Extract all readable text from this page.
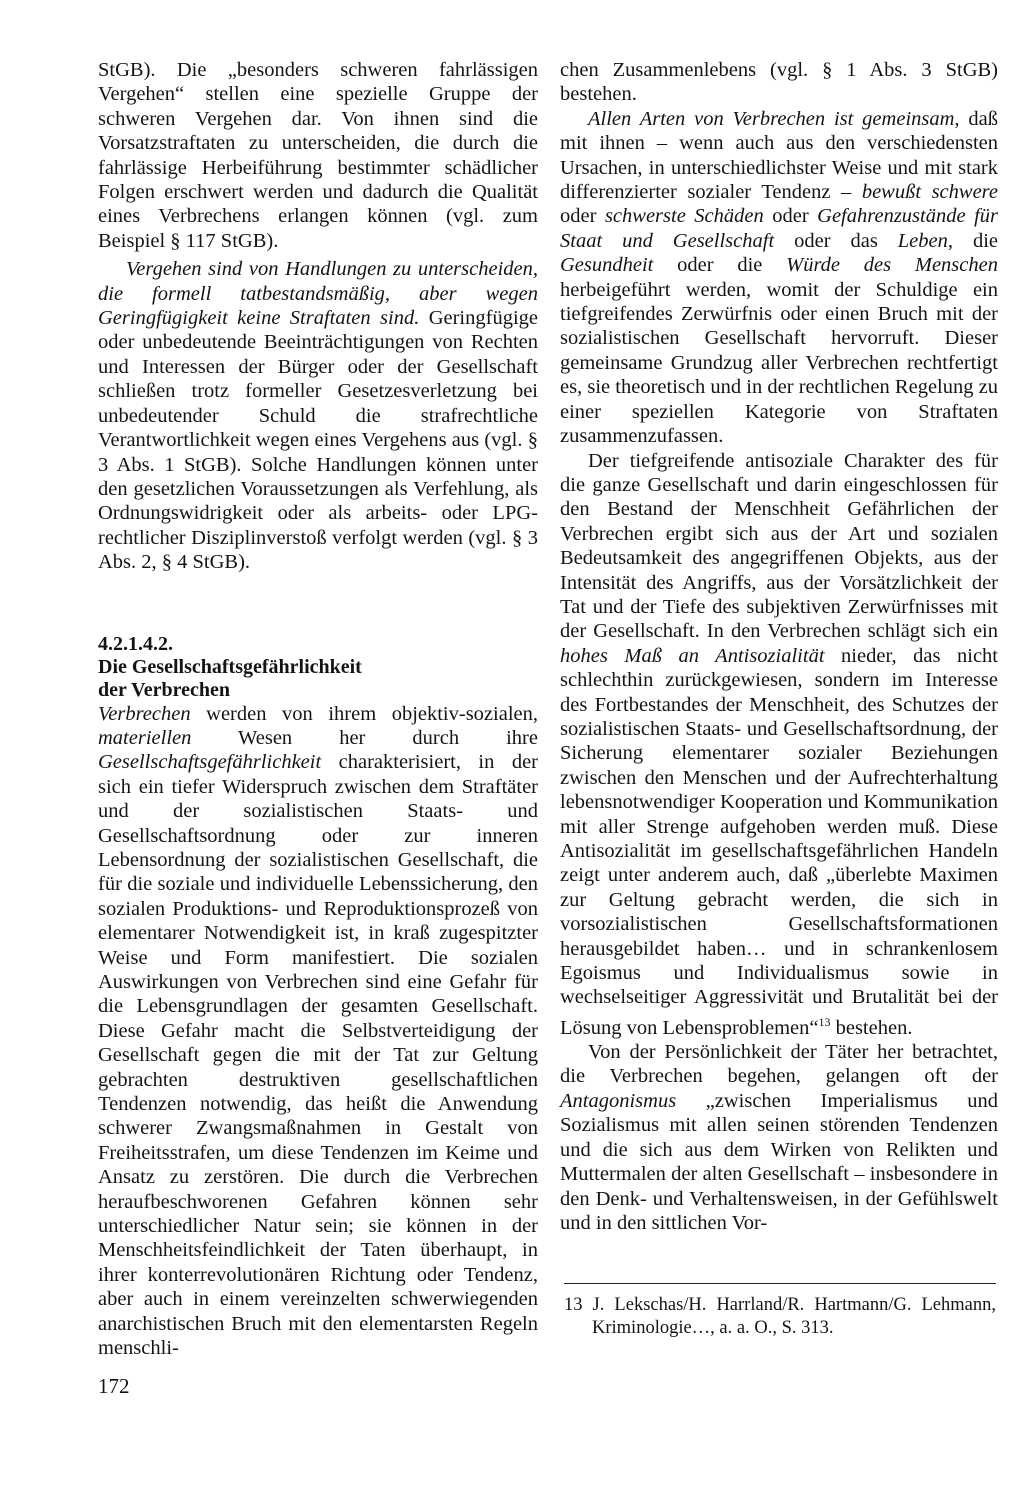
StGB). Die „besonders schweren fahrlässigen Vergehen“ stellen eine spezielle Gruppe der schweren Vergehen dar. Von ihnen sind die Vorsatzstraftaten zu unterscheiden, die durch die fahrlässige Herbeiführung bestimmter schädlicher Folgen erschwert werden und dadurch die Qualität eines Verbrechens erlangen können (vgl. zum Beispiel § 117 StGB).

Vergehen sind von Handlungen zu unterscheiden, die formell tatbestandsmäßig, aber wegen Geringfügigkeit keine Straftaten sind. Geringfügige oder unbedeutende Beeinträchtigungen von Rechten und Interessen der Bürger oder der Gesellschaft schließen trotz formeller Gesetzesverletzung bei unbedeutender Schuld die strafrechtliche Verantwortlichkeit wegen eines Vergehens aus (vgl. § 3 Abs. 1 StGB). Solche Handlungen können unter den gesetzlichen Voraussetzungen als Verfehlung, als Ordnungswidrigkeit oder als arbeits- oder LPG-rechtlicher Disziplinverstoß verfolgt werden (vgl. § 3 Abs. 2, § 4 StGB).

4.2.1.4.2.
Die Gesellschaftsgefährlichkeit
der Verbrechen

Verbrechen werden von ihrem objektiv-sozialen, materiellen Wesen her durch ihre Gesellschaftsgefährlichkeit charakterisiert, in der sich ein tiefer Widerspruch zwischen dem Straftäter und der sozialistischen Staats- und Gesellschaftsordnung oder zur inneren Lebensordnung der sozialistischen Gesellschaft, die für die soziale und individuelle Lebenssicherung, den sozialen Produktions- und Reproduktionsprozeß von elementarer Notwendigkeit ist, in kraß zugespitzter Weise und Form manifestiert. Die sozialen Auswirkungen von Verbrechen sind eine Gefahr für die Lebensgrundlagen der gesamten Gesellschaft. Diese Gefahr macht die Selbstverteidigung der Gesellschaft gegen die mit der Tat zur Geltung gebrachten destruktiven gesellschaftlichen Tendenzen notwendig, das heißt die Anwendung schwerer Zwangsmaßnahmen in Gestalt von Freiheitsstrafen, um diese Tendenzen im Keime und Ansatz zu zerstören. Die durch die Verbrechen heraufbeschworenen Gefahren können sehr unterschiedlicher Natur sein; sie können in der Menschheitsfeindlichkeit der Taten überhaupt, in ihrer konterrevolutionären Richtung oder Tendenz, aber auch in einem vereinzelten schwerwiegenden anarchistischen Bruch mit den elementarsten Regeln menschli-

chen Zusammenlebens (vgl. § 1 Abs. 3 StGB) bestehen.

Allen Arten von Verbrechen ist gemeinsam, daß mit ihnen – wenn auch aus den verschiedensten Ursachen, in unterschiedlichster Weise und mit stark differenzierter sozialer Tendenz – bewußt schwere oder schwerste Schäden oder Gefahrenzustände für Staat und Gesellschaft oder das Leben, die Gesundheit oder die Würde des Menschen herbeigeführt werden, womit der Schuldige ein tiefgreifendes Zerwürfnis oder einen Bruch mit der sozialistischen Gesellschaft hervorruft. Dieser gemeinsame Grundzug aller Verbrechen rechtfertigt es, sie theoretisch und in der rechtlichen Regelung zu einer speziellen Kategorie von Straftaten zusammenzufassen.

Der tiefgreifende antisoziale Charakter des für die ganze Gesellschaft und darin eingeschlossen für den Bestand der Menschheit Gefährlichen der Verbrechen ergibt sich aus der Art und sozialen Bedeutsamkeit des angegriffenen Objekts, aus der Intensität des Angriffs, aus der Vorsätzlichkeit der Tat und der Tiefe des subjektiven Zerwürfnisses mit der Gesellschaft. In den Verbrechen schlägt sich ein hohes Maß an Antisozialität nieder, das nicht schlechthin zurückgewiesen, sondern im Interesse des Fortbestandes der Menschheit, des Schutzes der sozialistischen Staats- und Gesellschaftsordnung, der Sicherung elementarer sozialer Beziehungen zwischen den Menschen und der Aufrechterhaltung lebensnotwendiger Kooperation und Kommunikation mit aller Strenge aufgehoben werden muß. Diese Antisozialität im gesellschaftsgefährlichen Handeln zeigt unter anderem auch, daß „überlebte Maximen zur Geltung gebracht werden, die sich in vorsozialistischen Gesellschaftsformationen herausgebildet haben… und in schrankenlosem Egoismus und Individualismus sowie in wechselseitiger Aggressivität und Brutalität bei der Lösung von Lebensproblemen“$^{13}$ bestehen.

Von der Persönlichkeit der Täter her betrachtet, die Verbrechen begehen, gelangen oft der Antagonismus „zwischen Imperialismus und Sozialismus mit allen seinen störenden Tendenzen und die sich aus dem Wirken von Relikten und Muttermalen der alten Gesellschaft – insbesondere in den Denk- und Verhaltensweisen, in der Gefühlswelt und in den sittlichen Vor-

13 J. Lekschas/H. Harrland/R. Hartmann/G. Lehmann, Kriminologie…, a. a. O., S. 313.
172
